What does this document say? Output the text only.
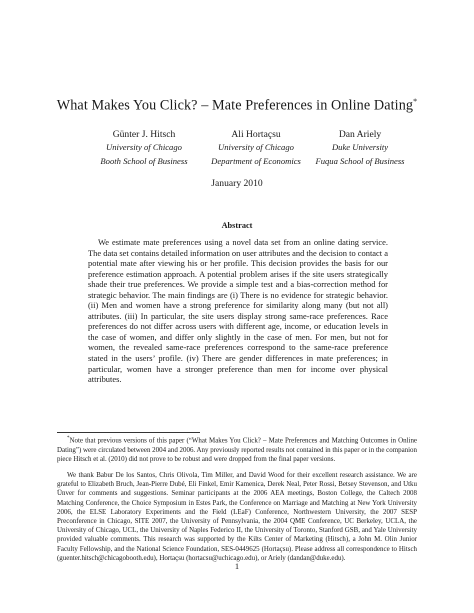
What Makes You Click? – Mate Preferences in Online Dating*
Günter J. Hitsch
University of Chicago
Booth School of Business
Ali Hortaçsu
University of Chicago
Department of Economics
Dan Ariely
Duke University
Fuqua School of Business
January 2010
Abstract

We estimate mate preferences using a novel data set from an online dating service. The data set contains detailed information on user attributes and the decision to contact a potential mate after viewing his or her profile. This decision provides the basis for our preference estimation approach. A potential problem arises if the site users strategically shade their true preferences. We provide a simple test and a bias-correction method for strategic behavior. The main findings are (i) There is no evidence for strategic behavior. (ii) Men and women have a strong preference for similarity along many (but not all) attributes. (iii) In particular, the site users display strong same-race preferences. Race preferences do not differ across users with different age, income, or education levels in the case of women, and differ only slightly in the case of men. For men, but not for women, the revealed same-race preferences correspond to the same-race preference stated in the users’ profile. (iv) There are gender differences in mate preferences; in particular, women have a stronger preference than men for income over physical attributes.

*Note that previous versions of this paper (“What Makes You Click? – Mate Preferences and Matching Outcomes in Online Dating”) were circulated between 2004 and 2006. Any previously reported results not contained in this paper or in the companion piece Hitsch et al. (2010) did not prove to be robust and were dropped from the final paper versions.

We thank Babur De los Santos, Chris Olivola, Tim Miller, and David Wood for their excellent research assistance. We are grateful to Elizabeth Bruch, Jean-Pierre Dubé, Eli Finkel, Emir Kamenica, Derek Neal, Peter Rossi, Betsey Stevenson, and Utku Ünver for comments and suggestions. Seminar participants at the 2006 AEA meetings, Boston College, the Caltech 2008 Matching Conference, the Choice Symposium in Estes Park, the Conference on Marriage and Matching at New York University 2006, the ELSE Laboratory Experiments and the Field (LEaF) Conference, Northwestern University, the 2007 SESP Preconference in Chicago, SITE 2007, the University of Pennsylvania, the 2004 QME Conference, UC Berkeley, UCLA, the University of Chicago, UCL, the University of Naples Federico II, the University of Toronto, Stanford GSB, and Yale University provided valuable comments. This research was supported by the Kilts Center of Marketing (Hitsch), a John M. Olin Junior Faculty Fellowship, and the National Science Foundation, SES-0449625 (Hortaçsu). Please address all correspondence to Hitsch (guenter.hitsch@chicagobooth.edu), Hortaçsu (hortacsu@uchicago.edu), or Ariely (dandan@duke.edu).

1
